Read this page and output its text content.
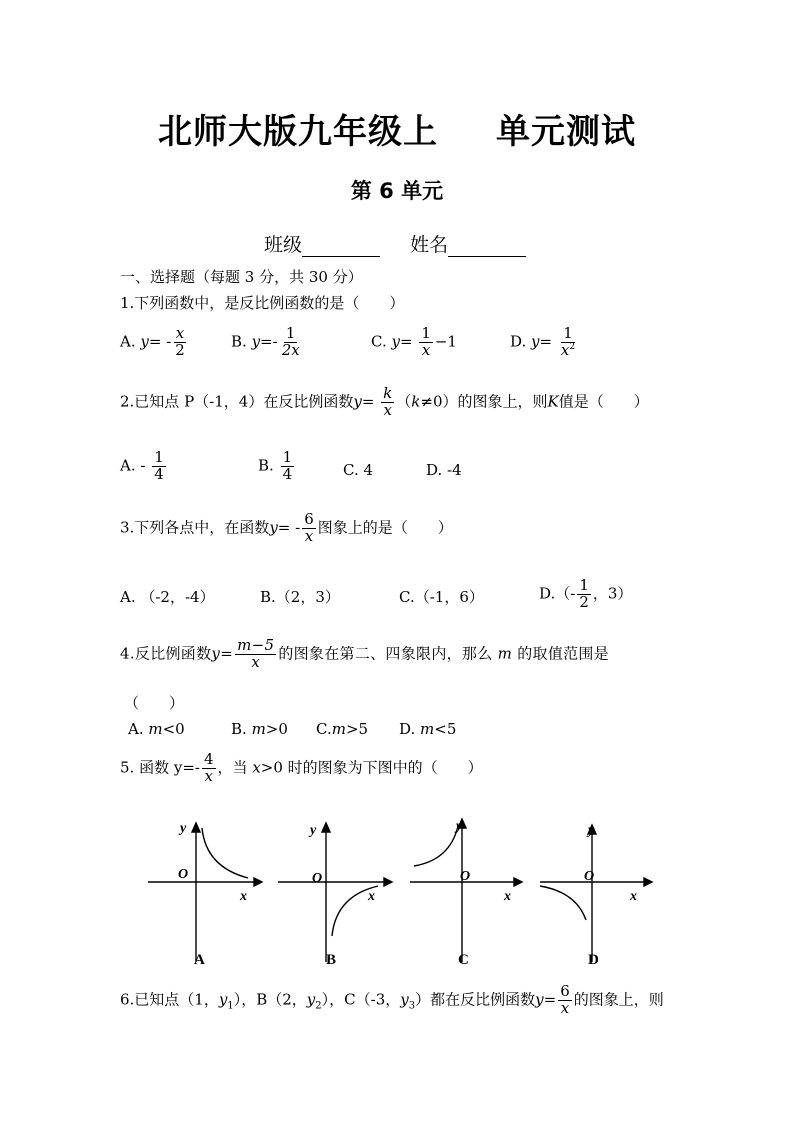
北师大版九年级上 单元测试
第 6 单元
班级	姓名
一、选择题（每题 3 分，共 30 分）
1.下列函数中，是反比例函数的是（　　）
A. $y= - \frac{x}{2}$	B. $y=- \frac{1}{2x}$	C. $y= \frac{1}{x} -1$	D. $y= \frac{1}{x^2}$
2.已知点 P（-1，4）在反比例函数$y= \frac{k}{x} (k\ne 0)$的图象上，则K值是（　　）
A. - $\frac{1}{4}$	B. $\frac{1}{4}$	C. 4	D. -4
3.下列各点中，在函数$y= - \frac{6}{x}$ 图象上的是（　　）
A. （-2，-4）	B.（2，3）	C.（-1，6）	$D.(- \frac{1}{2}$ ，3）
4.反比例函数$y= \frac{m-5}{x}$ 的图象在第二、四象限内，那么 m 的取值范围是
（　　）
A. m<0	B. m>0 C.m>5 D. m<5
5. 函数 $y=- \frac{4}{x}$ ，当 x>0 时的图象为下图中的（　　）
y
x
O
y
x
O
y
x
O
y
x
O
A	B	C	D
6.已知点（1，$y_1$），B（2，$y_2$），C（-3，$y_3$）都在反比例函数$y= \frac{6}{x}$ 的图象上，则
